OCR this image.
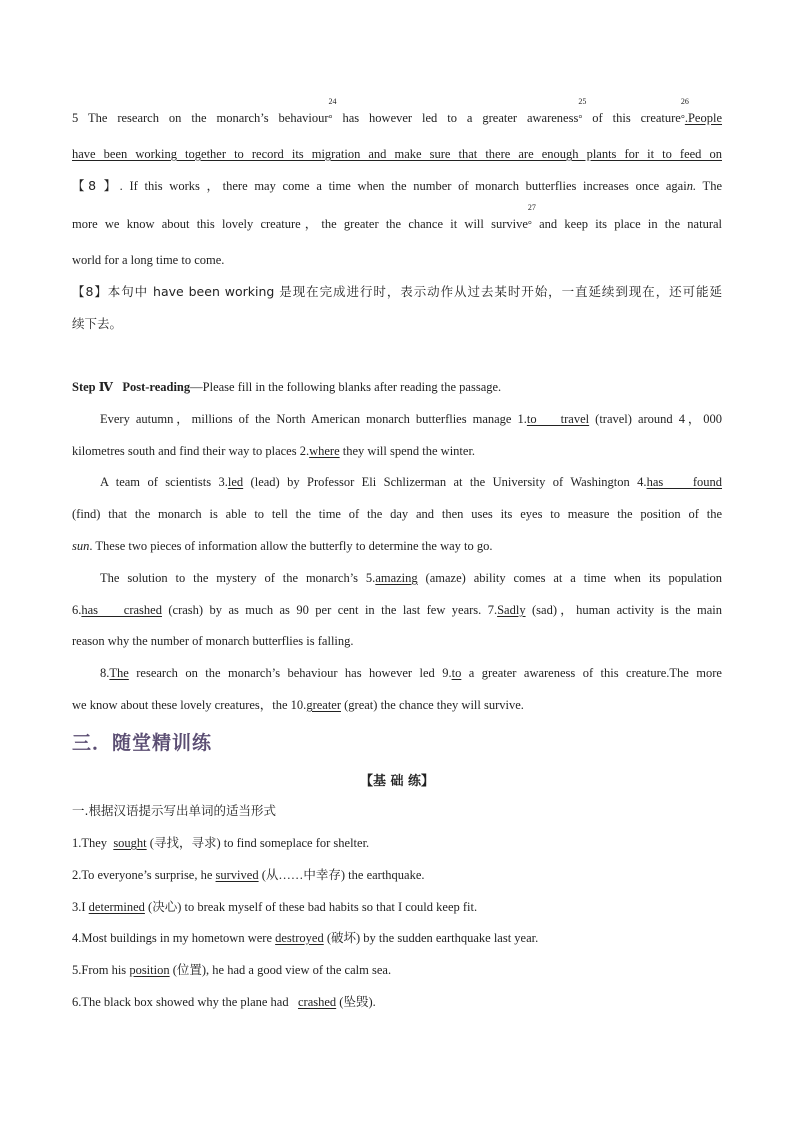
5 The research on the monarch’s behaviour
24
° has however led to a greater awareness
25
° of this creature
26
°.People
have been working together to record its migration and make sure that there are enough plants for it to feed on
【8 】. If this works ，there may come a time when the number of monarch butterflies increases once again. The
more we know about this lovely creature，the greater the chance it will survive
27
° and keep its place in the natural
world for a long time to come.
【8】本句中 have been working 是现在完成进行时，表示动作从过去某时开始，一直延续到现在，还可能延
续下去。
Step Ⅳ Post-reading—Please fill in the following blanks after reading the passage.
Every autumn，millions of the North American monarch butterflies manage 1.to    travel (travel) around 4，000
kilometres south and find their way to places 2.where they will spend the winter.
A team of scientists 3.led (lead) by Professor Eli Schlizerman at the University of Washington 4.has    found
(find) that the monarch is able to tell the time of the day and then uses its eyes to measure the position of the
sun. These two pieces of information allow the butterfly to determine the way to go.
The solution to the mystery of the monarch’s 5.amazing (amaze) ability comes at a time when its population
6.has    crashed (crash) by as much as 90 per cent in the last few years. 7.Sadly (sad)，human activity is the main
reason why the number of monarch butterflies is falling.
8.The research on the monarch’s behaviour has however led 9.to a greater awareness of this creature.The more
we know about these lovely creatures，the 10.greater (great) the chance they will survive.
三．随堂精训练
【基 础 练】
一.根据汉语提示写出单词的适当形式
1.They  sought (寻找，寻求) to find someplace for shelter.
2.To everyone’s surprise, he survived (从……中幸存) the earthquake.
3.I determined (决心) to break myself of these bad habits so that I could keep fit.
4.Most buildings in my hometown were destroyed (破坏) by the sudden earthquake last year.
5.From his position (位置), he had a good view of the calm sea.
6.The black box showed why the plane had   crashed (坠毁).
